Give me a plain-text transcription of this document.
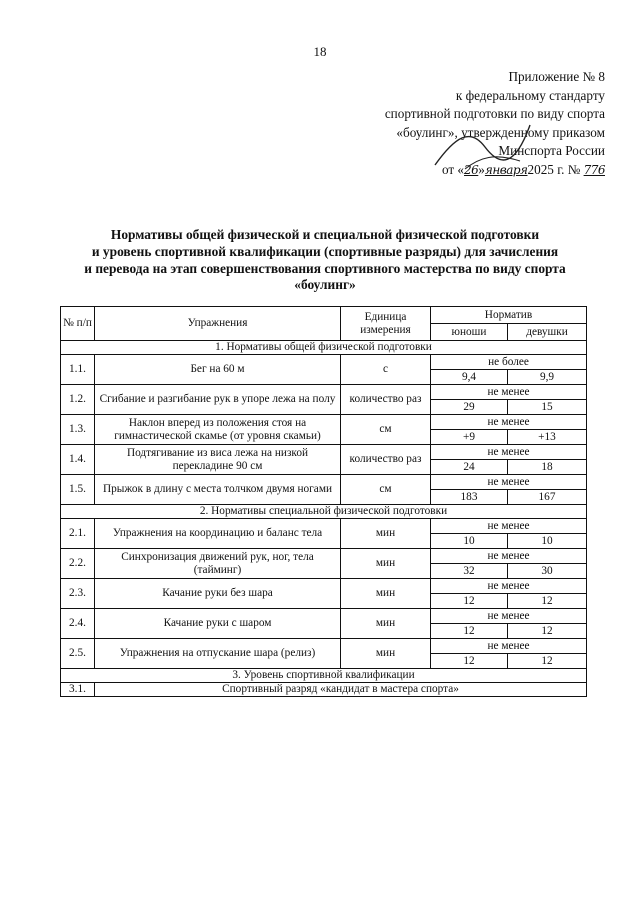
18
Приложение № 8
к федеральному стандарту
спортивной подготовки по виду спорта
«боулинг», утвержденному приказом
Минспорта России
от «26»января2025 г. № 776
Нормативы общей физической и специальной физической подготовки
и уровень спортивной квалификации (спортивные разряды) для зачисления
и перевода на этап совершенствования спортивного мастерства по виду спорта
«боулинг»
№ п/п	Упражнения	Единица измерения	Норматив	
			юноши	девушки
1. Нормативы общей физической подготовки				
1.1.	Бег на 60 м	с	не более	
			9,4	9,9
1.2.	Сгибание и разгибание рук в упоре лежа на полу	количество раз	не менее	
			29	15
1.3.	Наклон вперед из положения стоя на гимнастической скамье (от уровня скамьи)	см	не менее	
			+9	+13
1.4.	Подтягивание из виса лежа на низкой перекладине 90 см	количество раз	не менее	
			24	18
1.5.	Прыжок в длину с места толчком двумя ногами	см	не менее	
			183	167
2. Нормативы специальной физической подготовки				
2.1.	Упражнения на координацию и баланс тела	мин	не менее	
			10	10
2.2.	Синхронизация движений рук, ног, тела (тайминг)	мин	не менее	
			32	30
2.3.	Качание руки без шара	мин	не менее	
			12	12
2.4.	Качание руки с шаром	мин	не менее	
			12	12
2.5.	Упражнения на отпускание шара (релиз)	мин	не менее	
			12	12
3. Уровень спортивной квалификации				
3.1.	Спортивный разряд «кандидат в мастера спорта»			
